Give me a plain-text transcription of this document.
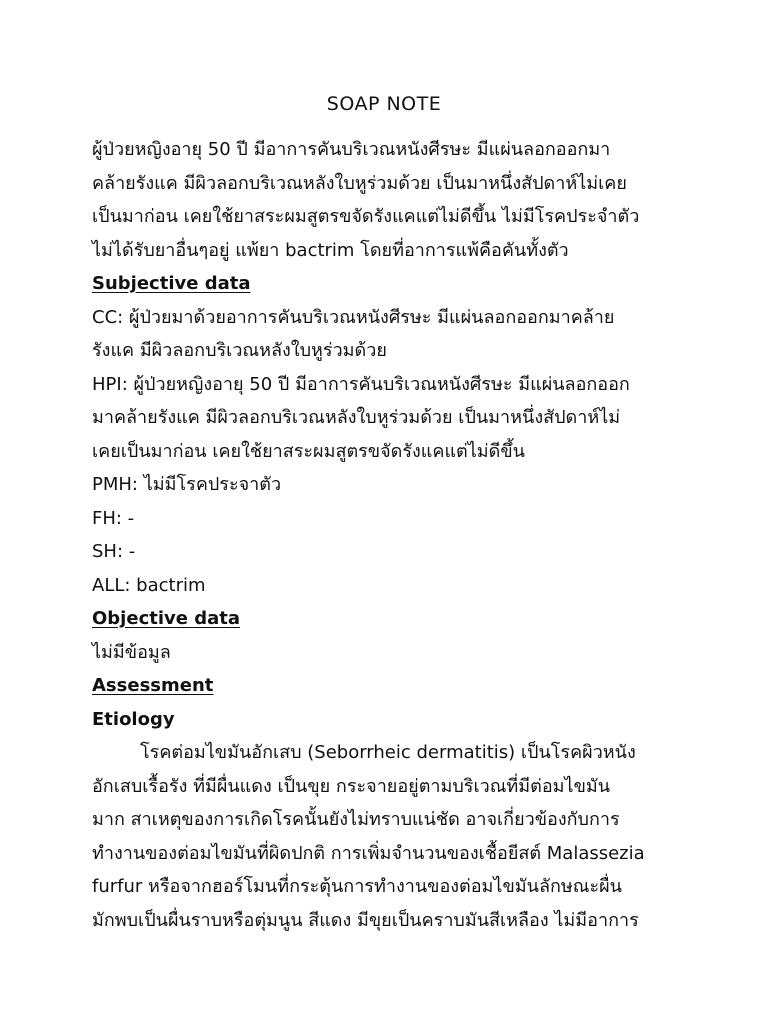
SOAP NOTE
ผู้ป่วยหญิงอายุ 50 ปี มีอาการคันบริเวณหนังศีรษะ มีแผ่นลอกออกมา
คล้ายรังแค มีผิวลอกบริเวณหลังใบหูร่วมด้วย เป็นมาหนึ่งสัปดาห์ไม่เคย
เป็นมาก่อน เคยใช้ยาสระผมสูตรขจัดรังแคแต่ไม่ดีขึ้น ไม่มีโรคประจำตัว
ไม่ได้รับยาอื่นๆอยู่ แพ้ยา bactrim โดยที่อาการแพ้คือคันทั้งตัว
Subjective data
CC: ผู้ป่วยมาด้วยอาการคันบริเวณหนังศีรษะ มีแผ่นลอกออกมาคล้าย
รังแค มีผิวลอกบริเวณหลังใบหูร่วมด้วย
HPI: ผู้ป่วยหญิงอายุ 50 ปี มีอาการคันบริเวณหนังศีรษะ มีแผ่นลอกออก
มาคล้ายรังแค มีผิวลอกบริเวณหลังใบหูร่วมด้วย เป็นมาหนึ่งสัปดาห์ไม่
เคยเป็นมาก่อน เคยใช้ยาสระผมสูตรขจัดรังแคแต่ไม่ดีขึ้น
PMH: ไม่มีโรคประจาตัว
FH: -
SH: -
ALL: bactrim
Objective data
ไม่มีข้อมูล
Assessment
Etiology
โรคต่อมไขมันอักเสบ (Seborrheic dermatitis) เป็นโรคผิวหนัง
อักเสบเรื้อรัง ที่มีผื่นแดง เป็นขุย กระจายอยู่ตามบริเวณที่มีต่อมไขมัน
มาก สาเหตุของการเกิดโรคนั้นยังไม่ทราบแน่ชัด อาจเกี่ยวข้องกับการ
ทำงานของต่อมไขมันที่ผิดปกติ การเพิ่มจำนวนของเชื้อยีสต์ Malassezia
furfur หรือจากฮอร์โมนที่กระตุ้นการทำงานของต่อมไขมันลักษณะผื่น
มักพบเป็นผื่นราบหรือตุ่มนูน สีแดง มีขุยเป็นคราบมันสีเหลือง ไม่มีอาการ
